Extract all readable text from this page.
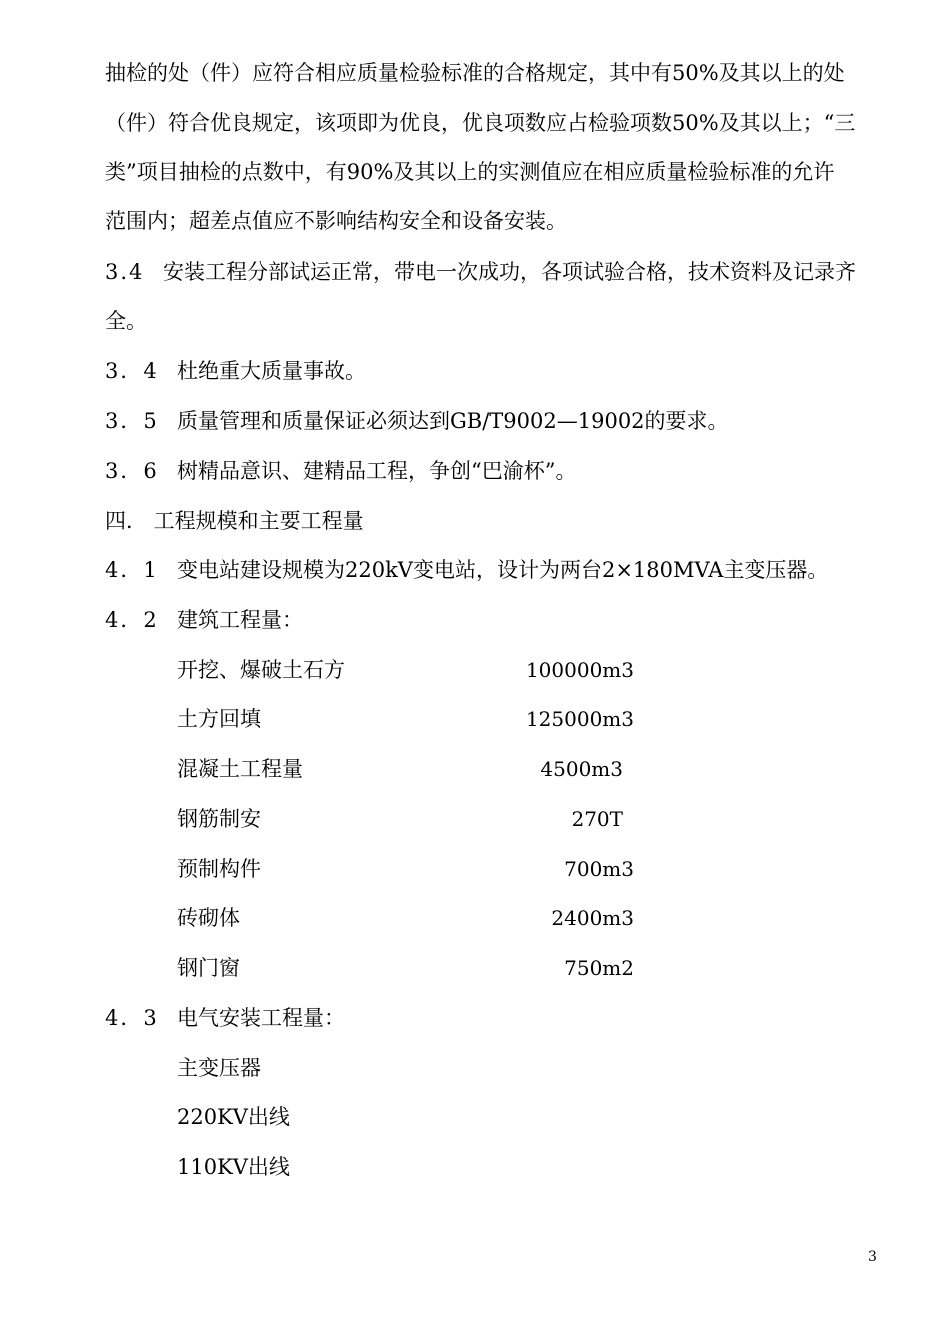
抽检的处（件）应符合相应质量检验标准的合格规定，其中有50%及其以上的处
（件）符合优良规定，该项即为优良，优良项数应占检验项数50%及其以上；“三
类”项目抽检的点数中，有90%及其以上的实测值应在相应质量检验标准的允许
范围内；超差点值应不影响结构安全和设备安装。
3.4 安装工程分部试运正常，带电一次成功，各项试验合格，技术资料及记录齐
全。
3．4 杜绝重大质量事故。
3．5 质量管理和质量保证必须达到GB/T9002—19002的要求。
3．6 树精品意识、建精品工程，争创“巴渝杯”。
四． 工程规模和主要工程量
4．1 变电站建设规模为220kV变电站，设计为两台2×180MVA主变压器。
4．2 建筑工程量：
开挖、爆破土石方	100000m3
土方回填	125000m3
混凝土工程量	4500m3
钢筋制安	270T
预制构件	700m3
砖砌体	2400m3
钢门窗	750m2
4．3 电气安装工程量：
主变压器
220KV出线
110KV出线
3
